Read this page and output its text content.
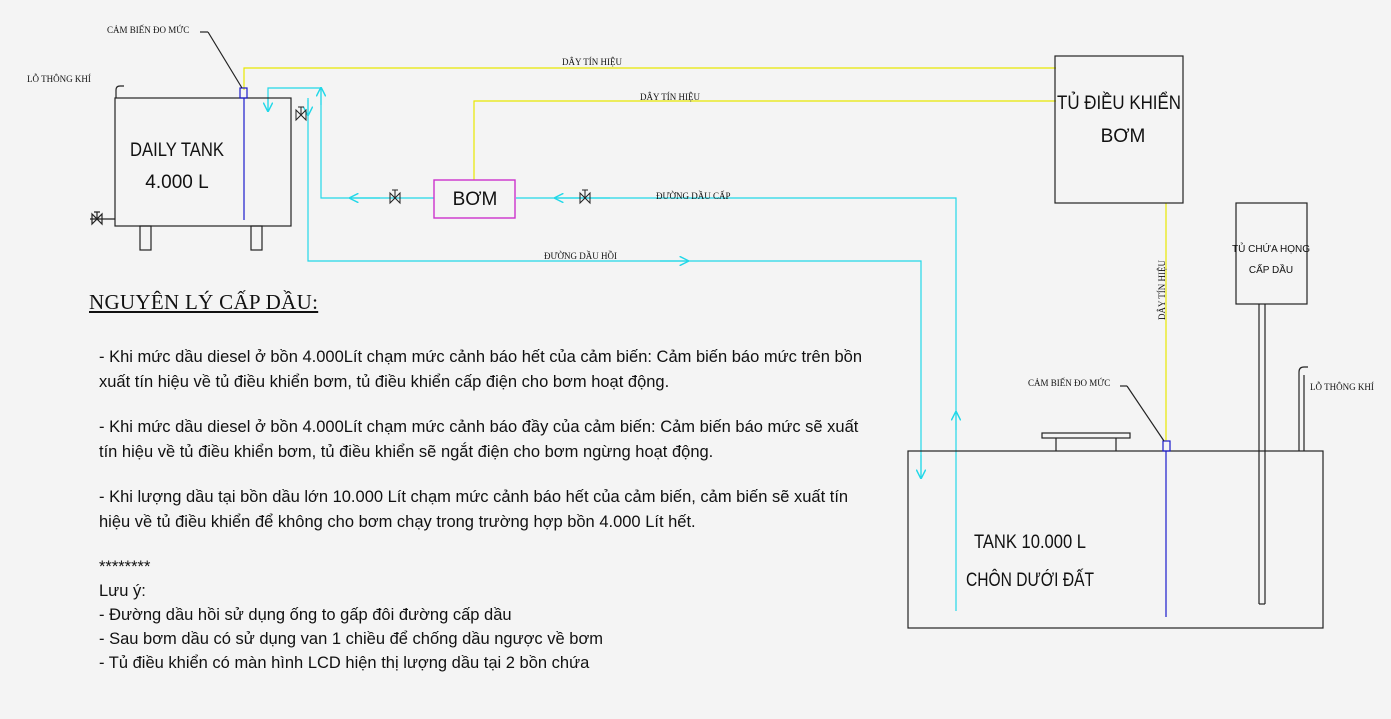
CẢM BIẾN ĐO MỨC
LỖ THÔNG KHÍ
DAILY TANK
4.000 L
DÂY TÍN HIỆU
DÂY TÍN HIỆU	TỦ ĐIỀU KHIỂN
BƠM
BƠM	ĐƯỜNG DẦU CẤP
ĐƯỜNG DẦU HỒI
DÂY TÍN HIỆU
TỦ CHỨA HỌNG
CẤP DẦU
CẢM BIẾN ĐO MỨC	LỖ THÔNG KHÍ
TANK 10.000 L
CHÔN DƯỚI ĐẤT
NGUYÊN LÝ CẤP DẦU:
- Khi mức dầu diesel ở bồn 4.000Lít chạm mức cảnh báo hết của cảm biến: Cảm biến báo mức trên bồn xuất tín hiệu về tủ điều khiển bơm, tủ điều khiển cấp điện cho bơm hoạt động.
- Khi mức dầu diesel ở bồn 4.000Lít chạm mức cảnh báo đầy của cảm biến: Cảm biến báo mức sẽ xuất tín hiệu về tủ điều khiển bơm, tủ điều khiển sẽ ngắt điện cho bơm ngừng hoạt động.
- Khi lượng dầu tại bồn dầu lớn 10.000 Lít chạm mức cảnh báo hết của cảm biến, cảm biến sẽ xuất tín hiệu về tủ điều khiển để không cho bơm chạy trong trường hợp bồn 4.000 Lít hết.
********
Lưu ý:
- Đường dầu hồi sử dụng ống to gấp đôi đường cấp dầu
- Sau bơm dầu có sử dụng van 1 chiều để chống dầu ngược về bơm
- Tủ điều khiển có màn hình LCD hiện thị lượng dầu tại 2 bồn chứa
